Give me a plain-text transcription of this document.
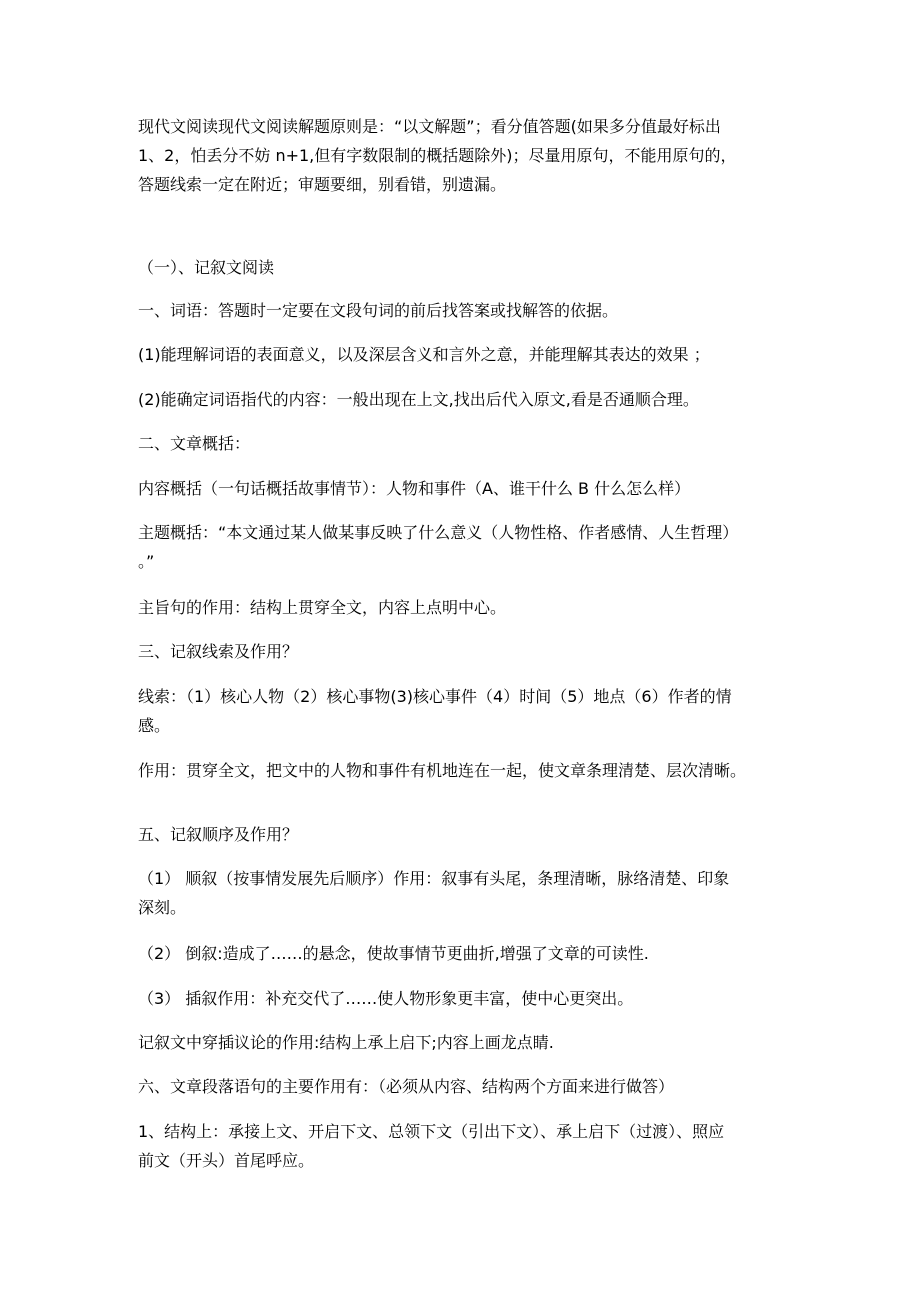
现代文阅读现代文阅读解题原则是：“以文解题”；看分值答题(如果多分值最好标出
1、2，怕丢分不妨 n+1,但有字数限制的概括题除外)；尽量用原句，不能用原句的，
答题线索一定在附近；审题要细，别看错，别遗漏。

（一）、记叙文阅读

一、词语：答题时一定要在文段句词的前后找答案或找解答的依据。

(1)能理解词语的表面意义，以及深层含义和言外之意，并能理解其表达的效果 ；

(2)能确定词语指代的内容：一般出现在上文,找出后代入原文,看是否通顺合理。

二、文章概括：

内容概括（一句话概括故事情节）：人物和事件（A、谁干什么 B 什么怎么样）

主题概括：“本文通过某人做某事反映了什么意义（人物性格、作者感情、人生哲理）
。”

主旨句的作用：结构上贯穿全文，内容上点明中心。

三、记叙线索及作用？

线索：（1）核心人物（2）核心事物(3)核心事件（4）时间（5）地点（6）作者的情
感。

作用：贯穿全文，把文中的人物和事件有机地连在一起，使文章条理清楚、层次清晰。

五、记叙顺序及作用？

（1） 顺叙（按事情发展先后顺序）作用：叙事有头尾，条理清晰，脉络清楚、印象
深刻。

（2） 倒叙:造成了……的悬念，使故事情节更曲折,增强了文章的可读性.

（3） 插叙作用：补充交代了……使人物形象更丰富，使中心更突出。

记叙文中穿插议论的作用:结构上承上启下;内容上画龙点睛.

六、文章段落语句的主要作用有：（必须从内容、结构两个方面来进行做答）

1、结构上：承接上文、开启下文、总领下文（引出下文）、承上启下（过渡）、照应
前文（开头）首尾呼应。
